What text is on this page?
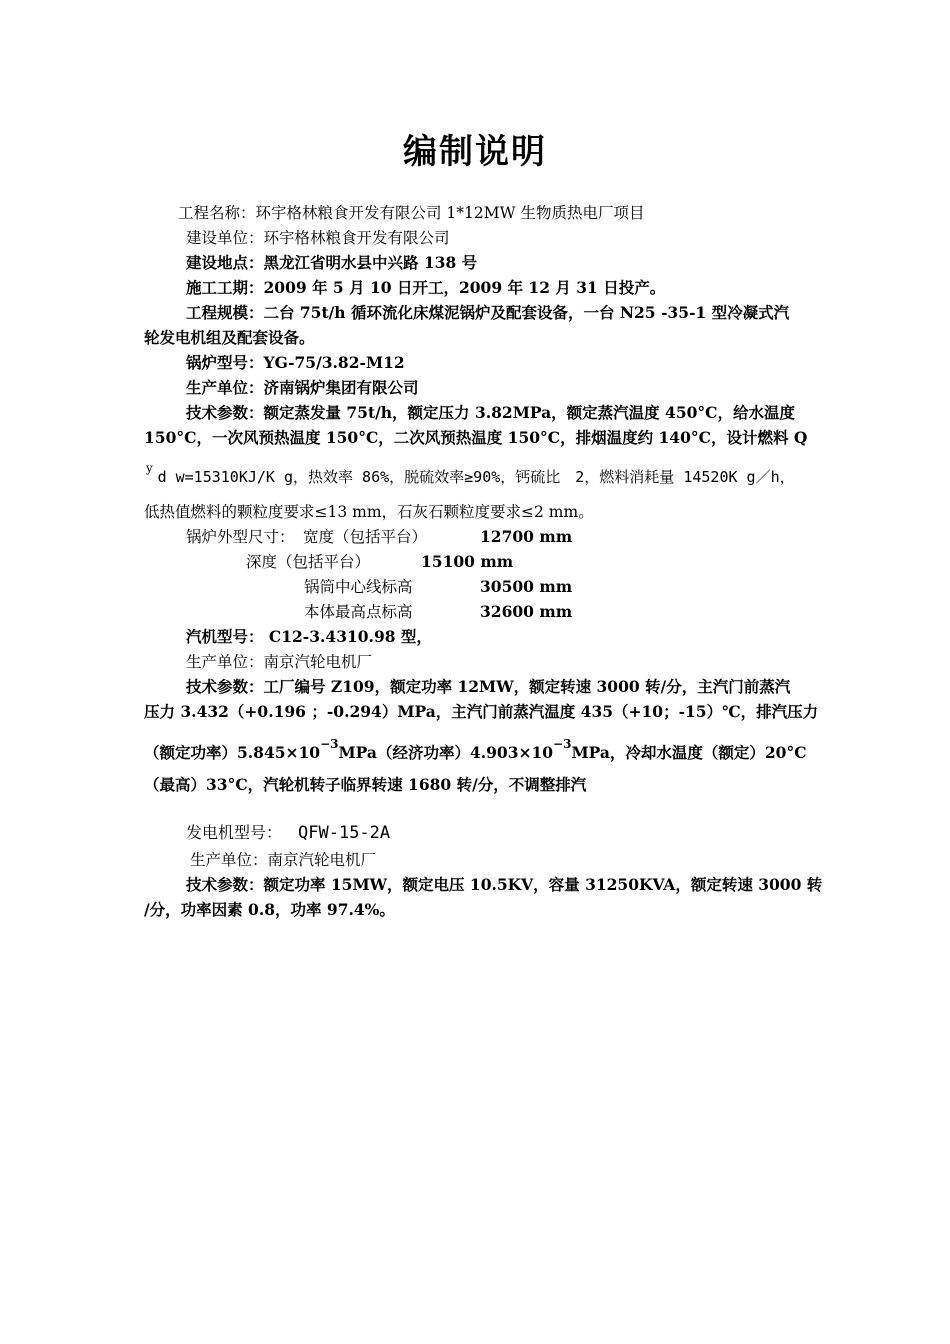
编制说明
工程名称：环宇格林粮食开发有限公司 1*12MW 生物质热电厂项目
建设单位：环宇格林粮食开发有限公司
建设地点：黑龙江省明水县中兴路 138 号
施工工期：2009 年 5 月 10 日开工，2009 年 12 月 31 日投产。
工程规模：二台 75t/h 循环流化床煤泥锅炉及配套设备，一台 N25 -35-1 型冷凝式汽
轮发电机组及配套设备。
锅炉型号：YG-75/3.82-M12
生产单位：济南锅炉集团有限公司
技术参数：额定蒸发量 75t/h，额定压力 3.82MPa，额定蒸汽温度 450°C，给水温度
150°C，一次风预热温度 150°C，二次风预热温度 150°C，排烟温度约 140°C，设计燃料 Q
$^y$ d w=15310KJ/K g，热效率 86%，脱硫效率≥90%，钙硫比　2，燃料消耗量 14520K g／h，
低热值燃料的颗粒度要求≤13 mm，石灰石颗粒度要求≤2 mm。
锅炉外型尺寸： 宽度（包括平台）	12700 mm
深度（包括平台）	15100 mm
锅筒中心线标高	30500 mm
本体最高点标高	32600 mm
汽机型号： C12-3.4310.98 型，
生产单位：南京汽轮电机厂
技术参数：工厂编号 Z109，额定功率 12MW，额定转速 3000 转/分，主汽门前蒸汽
压力 3.432（+0.196 ；-0.294）MPa，主汽门前蒸汽温度 435（+10；-15）℃，排汽压力
（额定功率）$5.845\times 10^{-3}MPa$（经济功率）$4.903\times 10^{-3}MPa$，冷却水温度（额定）20°C
（最高）33°C，汽轮机转子临界转速 1680 转/分，不调整排汽
发电机型号： QFW-15-2A
生产单位：南京汽轮电机厂
技术参数：额定功率 15MW，额定电压 10.5KV，容量 31250KVA，额定转速 3000 转
/分，功率因素 0.8，功率 97.4%。
